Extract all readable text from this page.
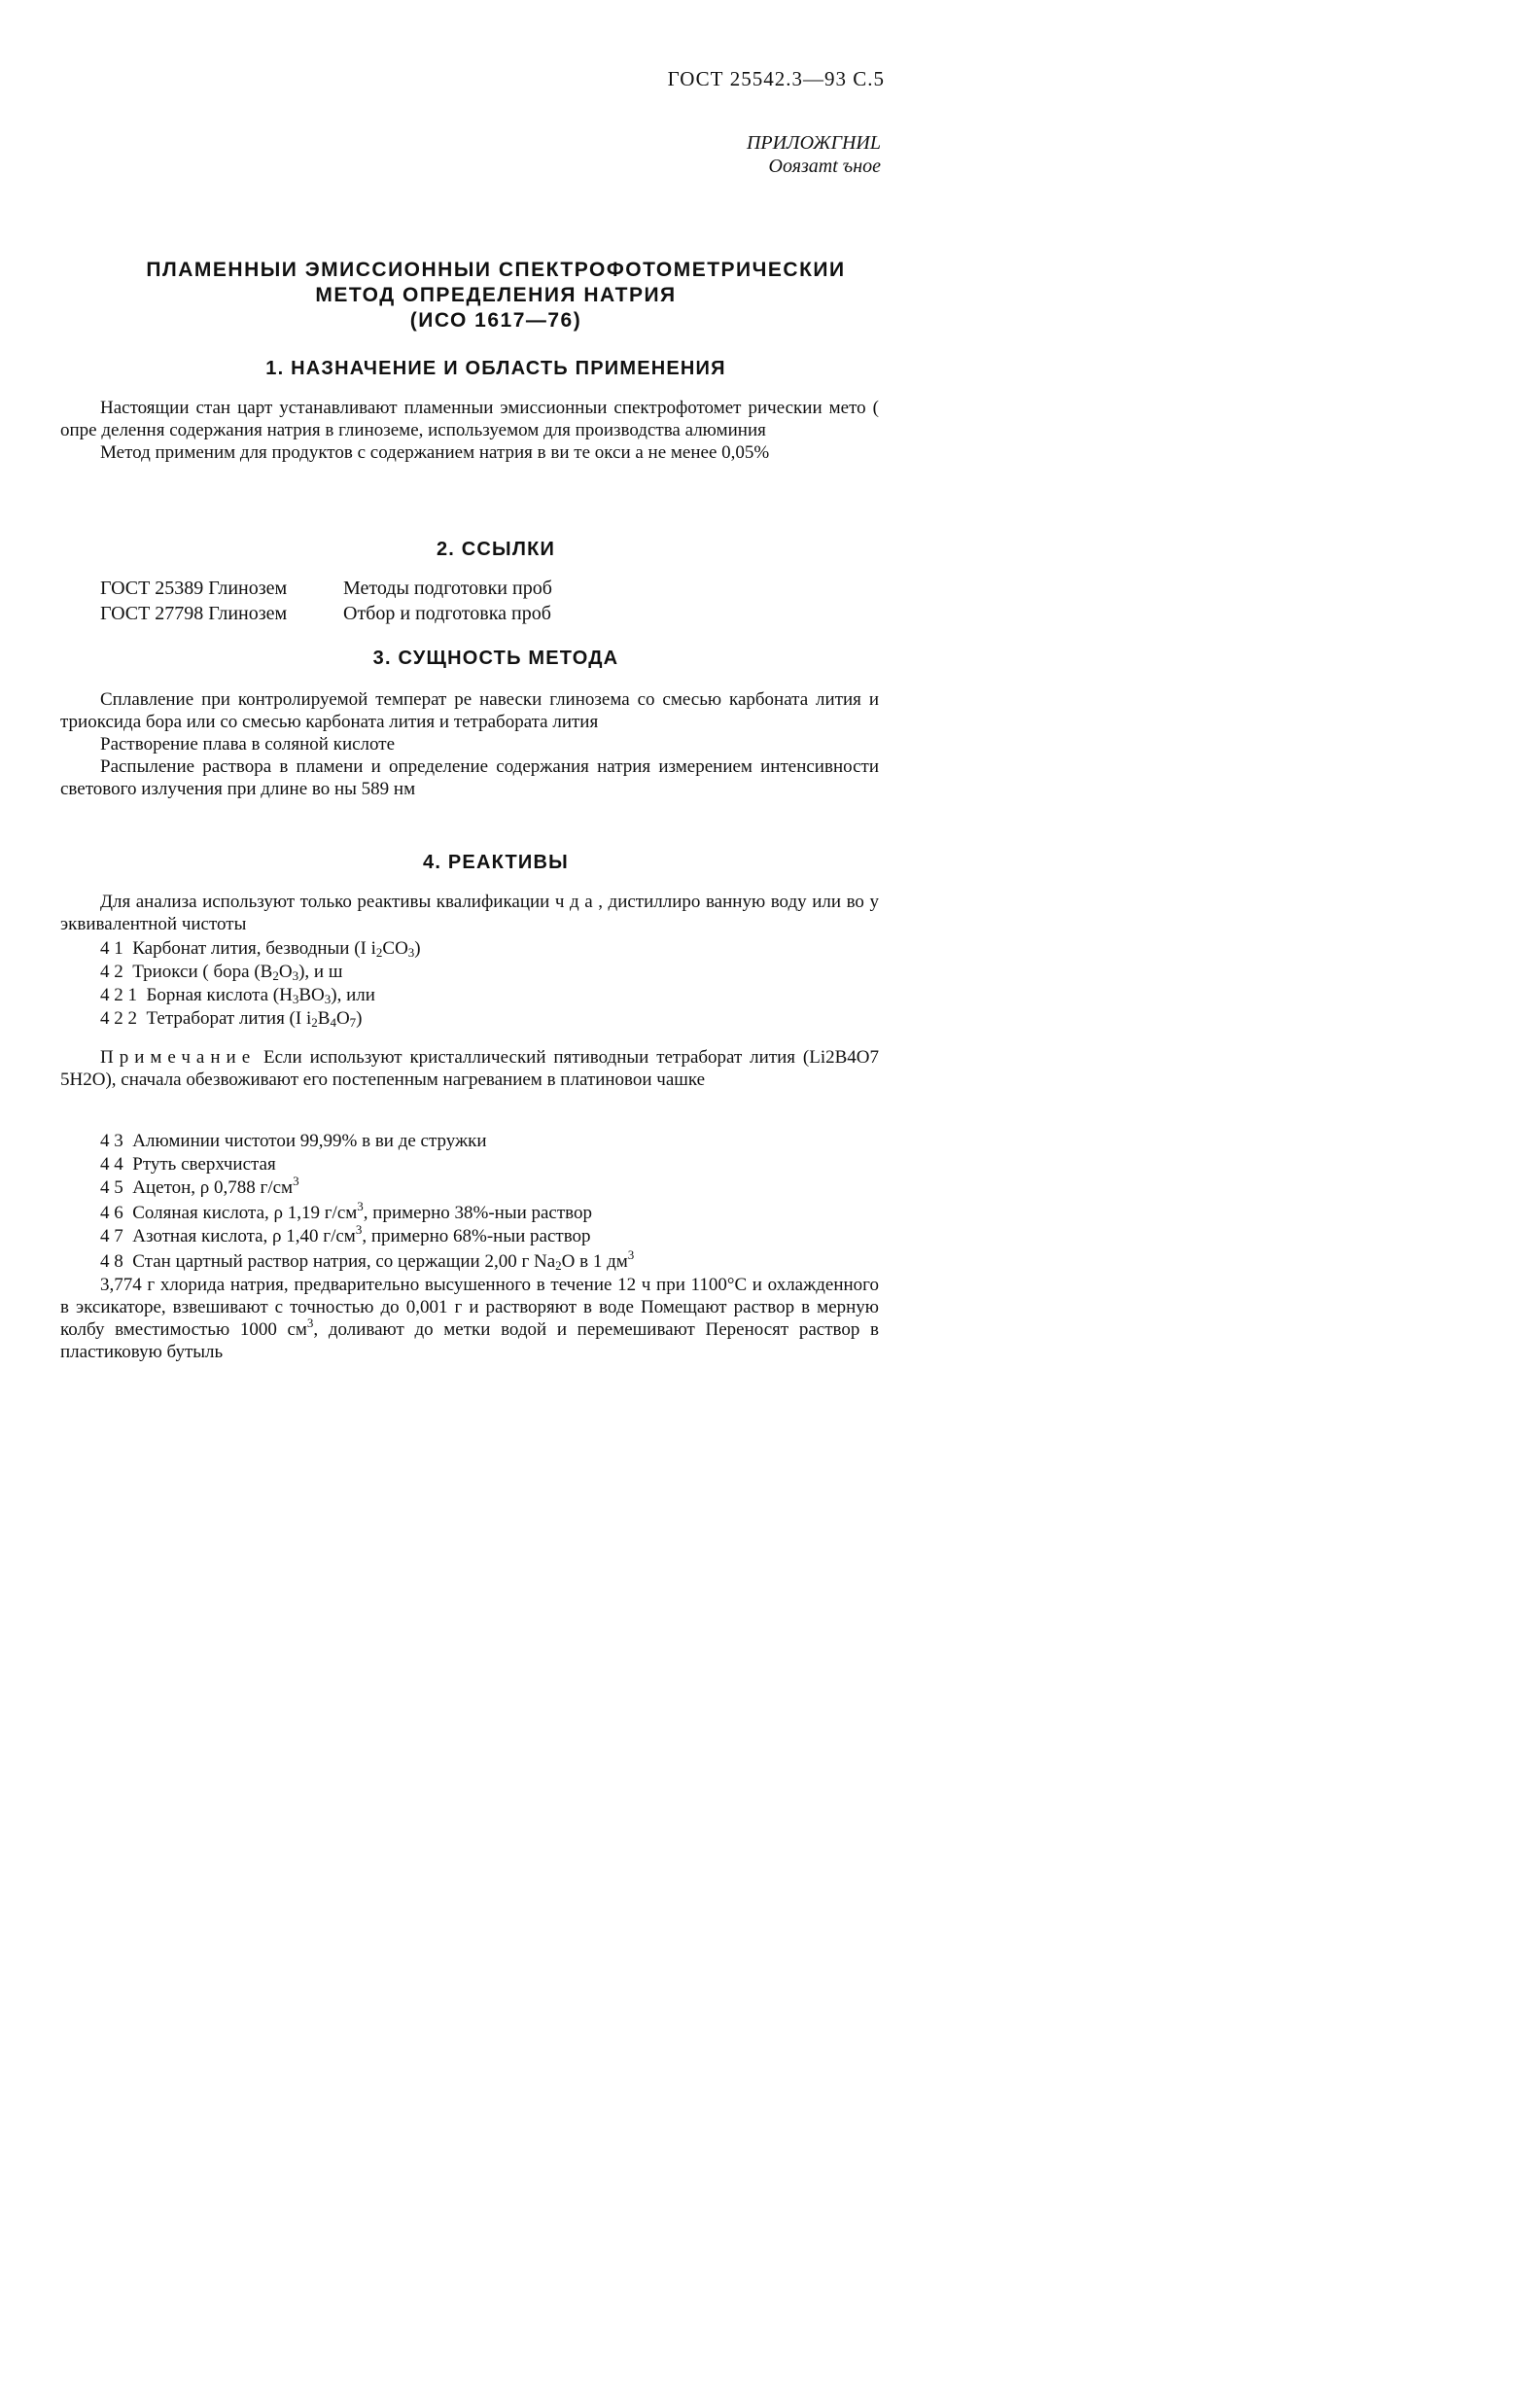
ГОСТ 25542.3—93 С.5
ПРИЛОЖГНИL
Ооязатt ъное
ПЛАМЕННЫИ ЭМИССИОННЫИ СПЕКТРОФОТОМЕТРИЧЕСКИИ
МЕТОД ОПРЕДЕЛЕНИЯ НАТРИЯ
(ИСО 1617—76)
1. НАЗНАЧЕНИЕ И ОБЛАСТЬ ПРИМЕНЕНИЯ

Настоящии стан царт устанавливают пламенныи эмиссионныи спектрофотомет рическии мето ( опре делення содержания натрия в глиноземе, используемом для производства алюминия

Метод применим для продуктов с содержанием натрия в ви те окси а не менее 0,05%

2. ССЫЛКИ
ГОСТ 25389 Глинозем	Методы подготовки проб
ГОСТ 27798 Глинозем	Отбор и подготовка проб
3. СУЩНОСТЬ МЕТОДА

Сплавление при контролируемой температ ре навески глинозема со смесью карбоната лития и триоксида бора или со смесью карбоната лития и тетрабората лития

Растворение плава в соляной кислоте

Распыление раствора в пламени и определение содержания натрия измерением интенсивности светового излучения при длине во ны 589 нм

4. РЕАКТИВЫ
Для анализа используют только реактивы квалификации ч д а , дистиллиро ванную воду или во у эквивалентной чистоты
4 1 Карбонат лития, безводныи (I $i_2CO_3$)
4 2 Триокси ( бора $(B_2O_3)$, и ш
4 2 1 Борная кислота $(H_3BO_3)$, или
4 2 2 Тетраборат лития (I $i_2B_4O_7$)
Примечание Если используют кристаллический пятиводныи тетраборат лития (Li2B4O7 5H2O), сначала обезвоживают его постепенным нагреванием в платиновои чашке
4 3 Алюминии чистотои 99,99% в ви де стружки
4 4 Ртуть сверхчистая
4 5 Ацетон, ρ 0,788 $г/см^3$
4 6 Соляная кислота, ρ 1,19 $г/см^3$, примерно 38%-ныи раствор
4 7 Азотная кислота, ρ 1,40 $г/см^3$, примерно 68%-ныи раствор
4 8 Стан цартный раствор натрия, со цержащии 2,00 г $Na_2O$ в 1 $дм^3$
3,774 г хлорида натрия, предварительно высушенного в течение 12 ч при 1100°С и охлажденного в эксикаторе, взвешивают с точностью до 0,001 г и растворяют в воде Помещают раствор в мерную колбу вместимостью 1000 $см^3$, доливают до метки водой и перемешивают Переносят раствор в пластиковую бутыль
